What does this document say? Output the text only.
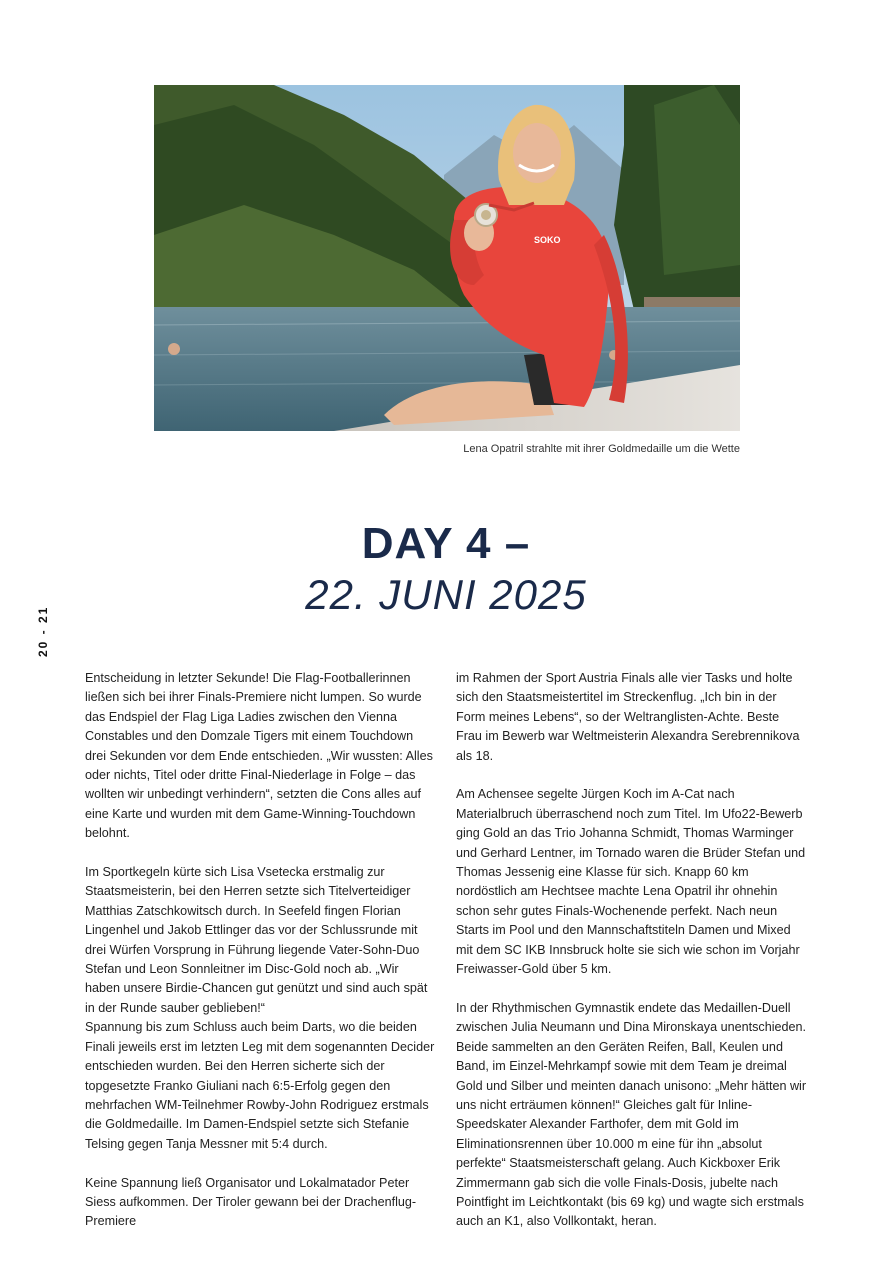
SOKO
Lena Opatril strahlte mit ihrer Goldmedaille um die Wette
20 - 21
DAY 4 –
22. JUNI 2025

Entscheidung in letzter Sekunde! Die Flag-Footballerinnen ließen sich bei ihrer Finals-Premiere nicht lumpen. So wurde das Endspiel der Flag Liga Ladies zwischen den Vienna Constables und den Domzale Tigers mit einem Touchdown drei Sekunden vor dem Ende entschieden. „Wir wussten: Alles oder nichts, Titel oder dritte Final-Niederlage in Folge – das wollten wir unbedingt verhindern“, setzten die Cons alles auf eine Karte und wurden mit dem Game-Winning-Touchdown belohnt.

Im Sportkegeln kürte sich Lisa Vsetecka erstmalig zur Staatsmeisterin, bei den Herren setzte sich Titelverteidiger Matthias Zatschkowitsch durch. In Seefeld fingen Florian Lingenhel und Jakob Ettlinger das vor der Schlussrunde mit drei Würfen Vorsprung in Führung liegende Vater-Sohn-Duo Stefan und Leon Sonnleitner im Disc-Gold noch ab. „Wir haben unsere Birdie-Chancen gut genützt und sind auch spät in der Runde sauber geblieben!“

Spannung bis zum Schluss auch beim Darts, wo die beiden Finali jeweils erst im letzten Leg mit dem sogenannten Decider entschieden wurden. Bei den Herren sicherte sich der topgesetzte Franko Giuliani nach 6:5-Erfolg gegen den mehrfachen WM-Teilnehmer Rowby-John Rodriguez erstmals die Goldmedaille. Im Damen-Endspiel setzte sich Stefanie Telsing gegen Tanja Messner mit 5:4 durch.

Keine Spannung ließ Organisator und Lokalmatador Peter Siess aufkommen. Der Tiroler gewann bei der Drachenflug-Premiere

im Rahmen der Sport Austria Finals alle vier Tasks und holte sich den Staatsmeistertitel im Streckenflug. „Ich bin in der Form meines Lebens“, so der Weltranglisten-Achte. Beste Frau im Bewerb war Weltmeisterin Alexandra Serebrennikova als 18.

Am Achensee segelte Jürgen Koch im A-Cat nach Materialbruch überraschend noch zum Titel. Im Ufo22-Bewerb ging Gold an das Trio Johanna Schmidt, Thomas Warminger und Gerhard Lentner, im Tornado waren die Brüder Stefan und Thomas Jessenig eine Klasse für sich. Knapp 60 km nordöstlich am Hechtsee machte Lena Opatril ihr ohnehin schon sehr gutes Finals-Wochenende perfekt. Nach neun Starts im Pool und den Mannschaftstiteln Damen und Mixed mit dem SC IKB Innsbruck holte sie sich wie schon im Vorjahr Freiwasser-Gold über 5 km.

In der Rhythmischen Gymnastik endete das Medaillen-Duell zwischen Julia Neumann und Dina Mironskaya unentschieden. Beide sammelten an den Geräten Reifen, Ball, Keulen und Band, im Einzel-Mehrkampf sowie mit dem Team je dreimal Gold und Silber und meinten danach unisono: „Mehr hätten wir uns nicht erträumen können!“ Gleiches galt für Inline-Speedskater Alexander Farthofer, dem mit Gold im Eliminationsrennen über 10.000 m eine für ihn „absolut perfekte“ Staatsmeisterschaft gelang. Auch Kickboxer Erik Zimmermann gab sich die volle Finals-Dosis, jubelte nach Pointfight im Leichtkontakt (bis 69 kg) und wagte sich erstmals auch an K1, also Vollkontakt, heran.
